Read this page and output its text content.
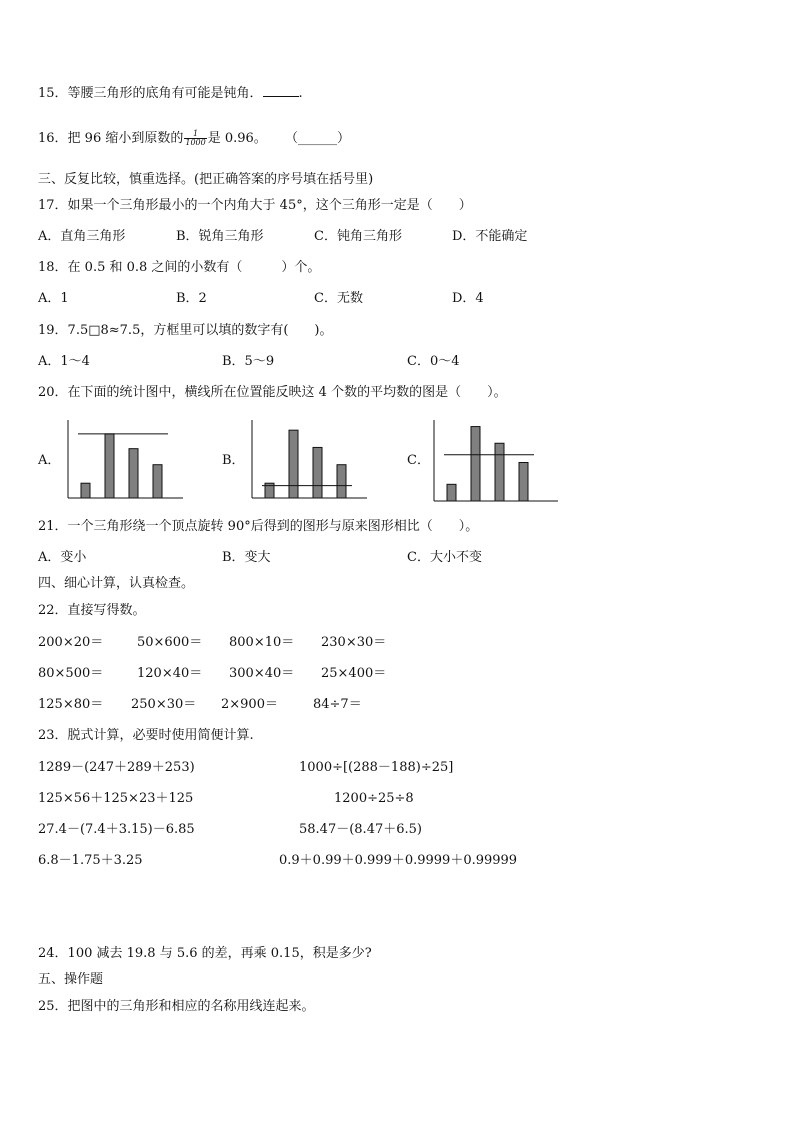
15．等腰三角形的底角有可能是钝角．	.
16．把 96 缩小到原数的 $\frac{1}{1000}$ 是 0.96。 （______）
三、反复比较，慎重选择。(把正确答案的序号填在括号里)
17．如果一个三角形最小的一个内角大于 45°，这个三角形一定是（　　）
A．直角三角形	B．锐角三角形	C．钝角三角形	D．不能确定
18．在 0.5 和 0.8 之间的小数有（　　　）个。
A．1	B．2	C．无数	D．4
19．7.5□8≈7.5，方框里可以填的数字有(　　)。
A．1～4	B．5～9	C．0～4
20．在下面的统计图中，横线所在位置能反映这 4 个数的平均数的图是（　　）。
A．	B．	C．
21．一个三角形绕一个顶点旋转 90°后得到的图形与原来图形相比（　　）。
A．变小	B．变大	C．大小不变
四、细心计算，认真检查。
22．直接写得数。
200×20＝	50×600＝ 800×10＝ 230×30＝
80×500＝	120×40＝ 300×40＝ 25×400＝
125×80＝ 250×30＝ 2×900＝	84÷7＝
23．脱式计算，必要时使用简便计算.
1289－(247＋289＋253)	1000÷[(288－188)÷25]
125×56＋125×23＋125	1200÷25÷8
27.4－(7.4＋3.15)－6.85	58.47－(8.47＋6.5)
6.8－1.75＋3.25	0.9＋0.99＋0.999＋0.9999＋0.99999
24．100 减去 19.8 与 5.6 的差，再乘 0.15，积是多少?
五、操作题
25．把图中的三角形和相应的名称用线连起来。
